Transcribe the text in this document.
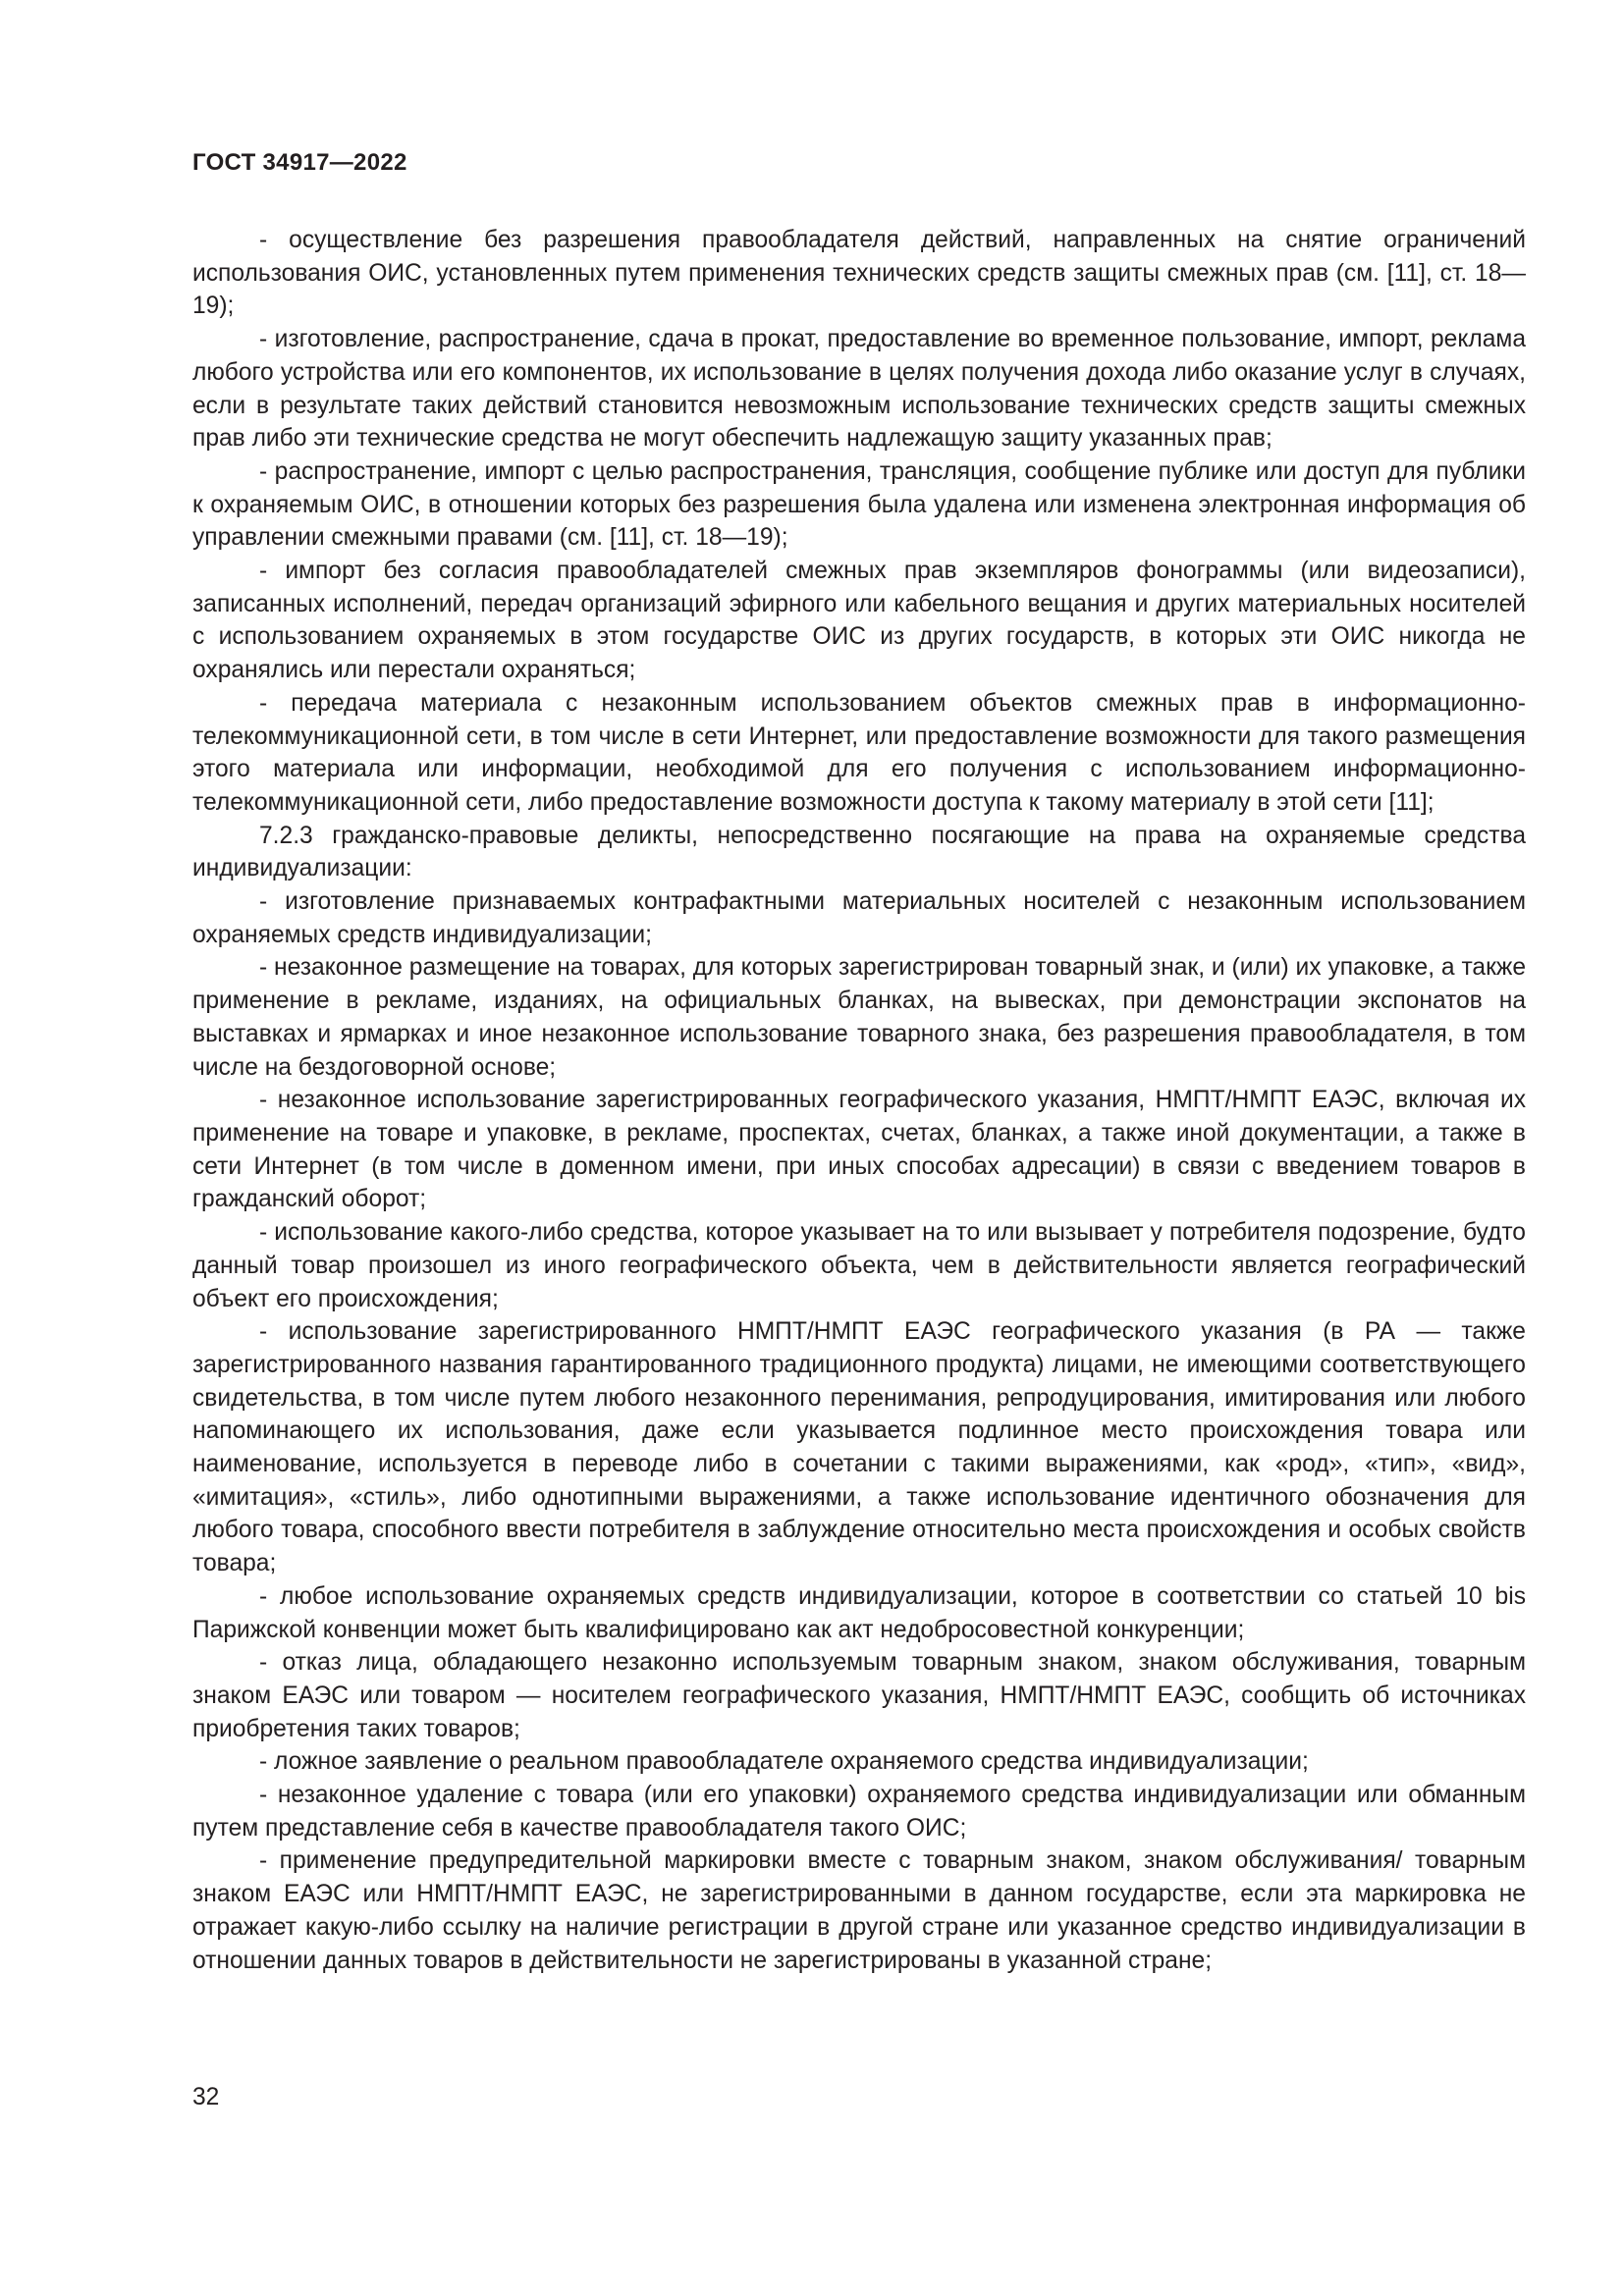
ГОСТ 34917—2022

- осуществление без разрешения правообладателя действий, направленных на снятие ограничений использования ОИС, установленных путем применения технических средств защиты смежных прав (см. [11], ст. 18—19);

- изготовление, распространение, сдача в прокат, предоставление во временное пользование, импорт, реклама любого устройства или его компонентов, их использование в целях получения дохода либо оказание услуг в случаях, если в результате таких действий становится невозможным использование технических средств защиты смежных прав либо эти технические средства не могут обеспечить надлежащую защиту указанных прав;

- распространение, импорт с целью распространения, трансляция, сообщение публике или доступ для публики к охраняемым ОИС, в отношении которых без разрешения была удалена или изменена электронная информация об управлении смежными правами (см. [11], ст. 18—19);

- импорт без согласия правообладателей смежных прав экземпляров фонограммы (или видеозаписи), записанных исполнений, передач организаций эфирного или кабельного вещания и других материальных носителей с использованием охраняемых в этом государстве ОИС из других государств, в которых эти ОИС никогда не охранялись или перестали охраняться;

- передача материала с незаконным использованием объектов смежных прав в информационно-телекоммуникационной сети, в том числе в сети Интернет, или предоставление возможности для такого размещения этого материала или информации, необходимой для его получения с использованием информационно-телекоммуникационной сети, либо предоставление возможности доступа к такому материалу в этой сети [11];

7.2.3 гражданско-правовые деликты, непосредственно посягающие на права на охраняемые средства индивидуализации:

- изготовление признаваемых контрафактными материальных носителей с незаконным использованием охраняемых средств индивидуализации;

- незаконное размещение на товарах, для которых зарегистрирован товарный знак, и (или) их упаковке, а также применение в рекламе, изданиях, на официальных бланках, на вывесках, при демонстрации экспонатов на выставках и ярмарках и иное незаконное использование товарного знака, без разрешения правообладателя, в том числе на бездоговорной основе;

- незаконное использование зарегистрированных географического указания, НМПТ/НМПТ ЕАЭС, включая их применение на товаре и упаковке, в рекламе, проспектах, счетах, бланках, а также иной документации, а также в сети Интернет (в том числе в доменном имени, при иных способах адресации) в связи с введением товаров в гражданский оборот;

- использование какого-либо средства, которое указывает на то или вызывает у потребителя подозрение, будто данный товар произошел из иного географического объекта, чем в действительности является географический объект его происхождения;

- использование зарегистрированного НМПТ/НМПТ ЕАЭС географического указания (в РА — также зарегистрированного названия гарантированного традиционного продукта) лицами, не имеющими соответствующего свидетельства, в том числе путем любого незаконного перенимания, репродуцирования, имитирования или любого напоминающего их использования, даже если указывается подлинное место происхождения товара или наименование, используется в переводе либо в сочетании с такими выражениями, как «род», «тип», «вид», «имитация», «стиль», либо однотипными выражениями, а также использование идентичного обозначения для любого товара, способного ввести потребителя в заблуждение относительно места происхождения и особых свойств товара;

- любое использование охраняемых средств индивидуализации, которое в соответствии со статьей 10 bis Парижской конвенции может быть квалифицировано как акт недобросовестной конкуренции;

- отказ лица, обладающего незаконно используемым товарным знаком, знаком обслуживания, товарным знаком ЕАЭС или товаром — носителем географического указания, НМПТ/НМПТ ЕАЭС, сообщить об источниках приобретения таких товаров;

- ложное заявление о реальном правообладателе охраняемого средства индивидуализации;

- незаконное удаление с товара (или его упаковки) охраняемого средства индивидуализации или обманным путем представление себя в качестве правообладателя такого ОИС;

- применение предупредительной маркировки вместе с товарным знаком, знаком обслуживания/ товарным знаком ЕАЭС или НМПТ/НМПТ ЕАЭС, не зарегистрированными в данном государстве, если эта маркировка не отражает какую-либо ссылку на наличие регистрации в другой стране или указанное средство индивидуализации в отношении данных товаров в действительности не зарегистрированы в указанной стране;

32
